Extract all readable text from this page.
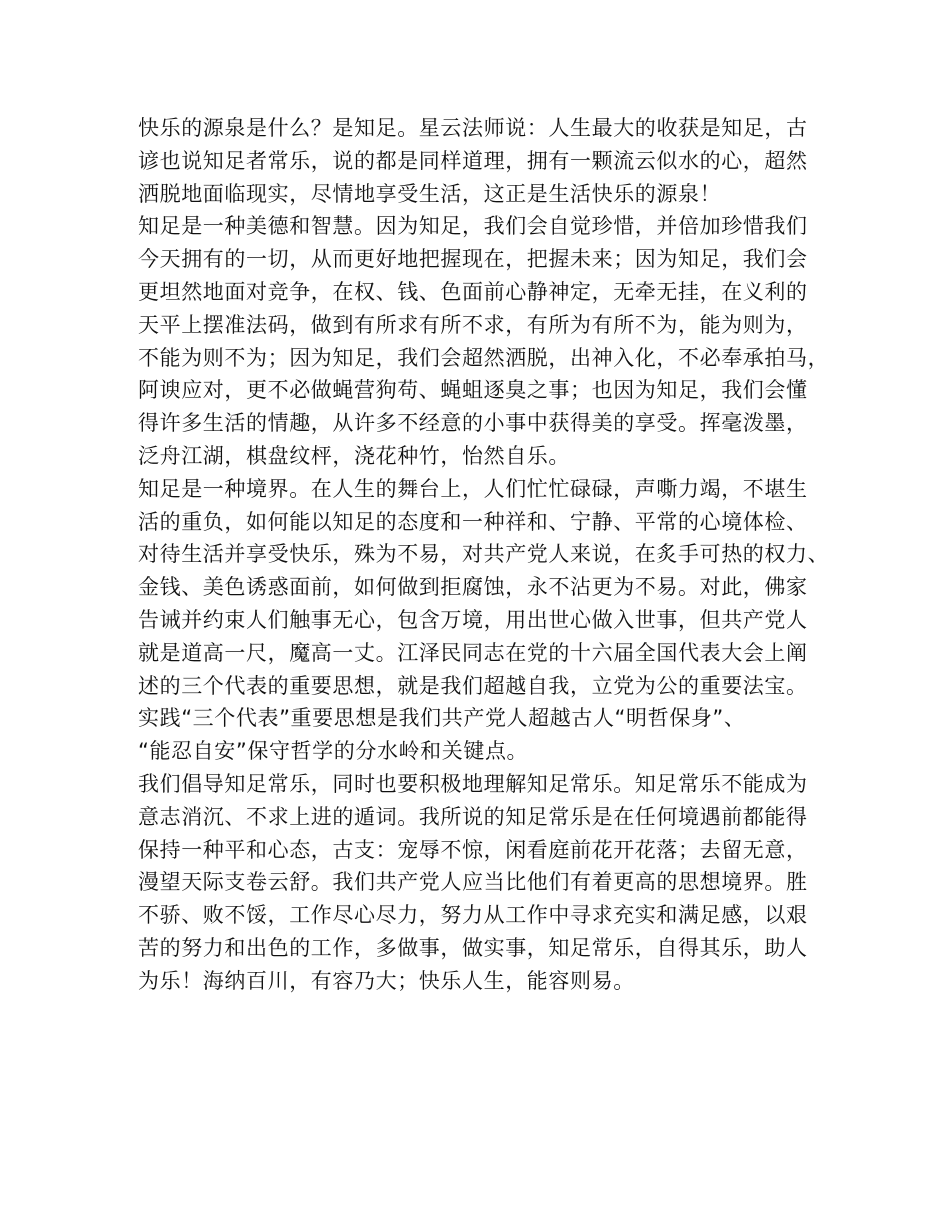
快乐的源泉是什么？是知足。星云法师说：人生最大的收获是知足，古
谚也说知足者常乐，说的都是同样道理，拥有一颗流云似水的心，超然
洒脱地面临现实，尽情地享受生活，这正是生活快乐的源泉！
知足是一种美德和智慧。因为知足，我们会自觉珍惜，并倍加珍惜我们
今天拥有的一切，从而更好地把握现在，把握未来；因为知足，我们会
更坦然地面对竞争，在权、钱、色面前心静神定，无牵无挂，在义利的
天平上摆准法码，做到有所求有所不求，有所为有所不为，能为则为，
不能为则不为；因为知足，我们会超然洒脱，出神入化，不必奉承拍马，
阿谀应对，更不必做蝇营狗苟、蝇蛆逐臭之事；也因为知足，我们会懂
得许多生活的情趣，从许多不经意的小事中获得美的享受。挥毫泼墨，
泛舟江湖，棋盘纹枰，浇花种竹，怡然自乐。
知足是一种境界。在人生的舞台上，人们忙忙碌碌，声嘶力竭，不堪生
活的重负，如何能以知足的态度和一种祥和、宁静、平常的心境体检、
对待生活并享受快乐，殊为不易，对共产党人来说，在炙手可热的权力、
金钱、美色诱惑面前，如何做到拒腐蚀，永不沾更为不易。对此，佛家
告诫并约束人们触事无心，包含万境，用出世心做入世事，但共产党人
就是道高一尺，魔高一丈。江泽民同志在党的十六届全国代表大会上阐
述的三个代表的重要思想，就是我们超越自我，立党为公的重要法宝。
实践“三个代表”重要思想是我们共产党人超越古人“明哲保身”、
“能忍自安”保守哲学的分水岭和关键点。
我们倡导知足常乐，同时也要积极地理解知足常乐。知足常乐不能成为
意志消沉、不求上进的遁词。我所说的知足常乐是在任何境遇前都能得
保持一种平和心态，古支：宠辱不惊，闲看庭前花开花落；去留无意，
漫望天际支卷云舒。我们共产党人应当比他们有着更高的思想境界。胜
不骄、败不馁，工作尽心尽力，努力从工作中寻求充实和满足感，以艰
苦的努力和出色的工作，多做事，做实事，知足常乐，自得其乐，助人
为乐！海纳百川，有容乃大；快乐人生，能容则易。
